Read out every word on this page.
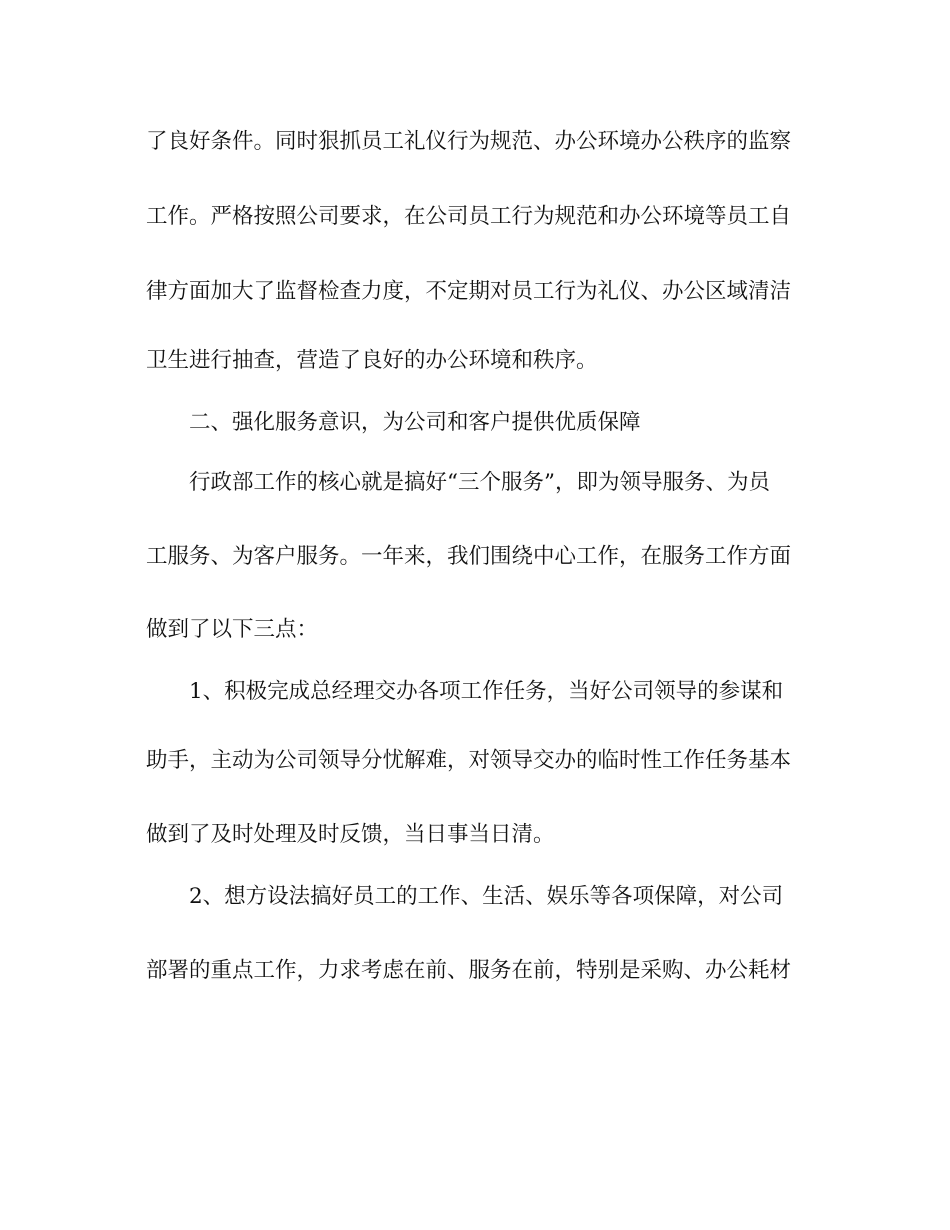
了良好条件。同时狠抓员工礼仪行为规范、办公环境办公秩序的监察
工作。严格按照公司要求，在公司员工行为规范和办公环境等员工自
律方面加大了监督检查力度，不定期对员工行为礼仪、办公区域清洁
卫生进行抽查，营造了良好的办公环境和秩序。
二、强化服务意识，为公司和客户提供优质保障
行政部工作的核心就是搞好“三个服务”，即为领导服务、为员
工服务、为客户服务。一年来，我们围绕中心工作，在服务工作方面
做到了以下三点：
1、积极完成总经理交办各项工作任务，当好公司领导的参谋和
助手，主动为公司领导分忧解难，对领导交办的临时性工作任务基本
做到了及时处理及时反馈，当日事当日清。
2、想方设法搞好员工的工作、生活、娱乐等各项保障，对公司
部署的重点工作，力求考虑在前、服务在前，特别是采购、办公耗材
